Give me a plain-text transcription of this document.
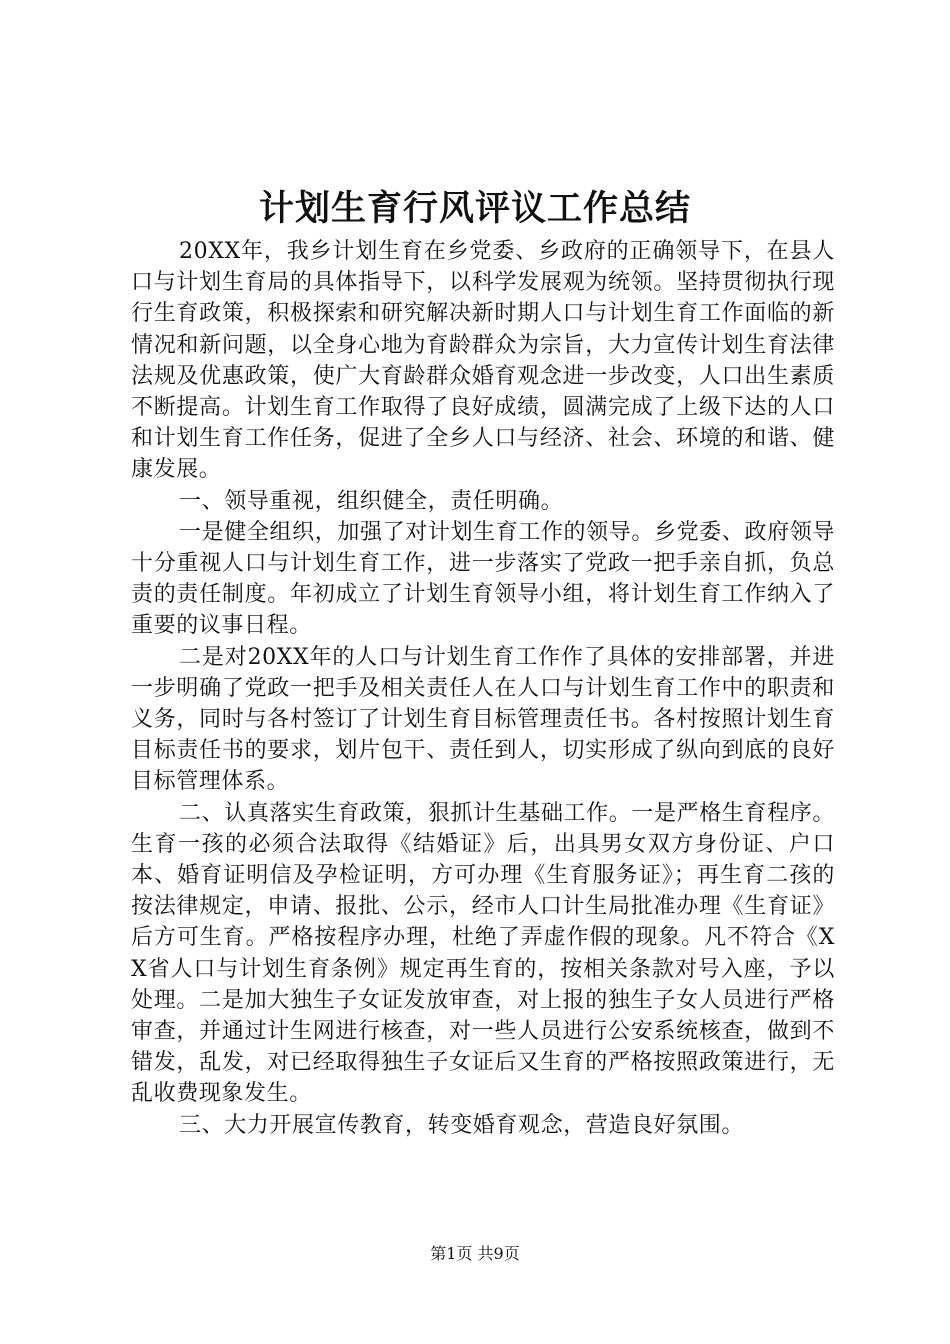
计划生育行风评议工作总结

20XX年，我乡计划生育在乡党委、乡政府的正确领导下，在县人口与计划生育局的具体指导下，以科学发展观为统领。坚持贯彻执行现行生育政策，积极探索和研究解决新时期人口与计划生育工作面临的新情况和新问题，以全身心地为育龄群众为宗旨，大力宣传计划生育法律法规及优惠政策，使广大育龄群众婚育观念进一步改变，人口出生素质不断提高。计划生育工作取得了良好成绩，圆满完成了上级下达的人口和计划生育工作任务，促进了全乡人口与经济、社会、环境的和谐、健康发展。

一、领导重视，组织健全，责任明确。

一是健全组织，加强了对计划生育工作的领导。乡党委、政府领导十分重视人口与计划生育工作，进一步落实了党政一把手亲自抓，负总责的责任制度。年初成立了计划生育领导小组，将计划生育工作纳入了重要的议事日程。

二是对20XX年的人口与计划生育工作作了具体的安排部署，并进一步明确了党政一把手及相关责任人在人口与计划生育工作中的职责和义务，同时与各村签订了计划生育目标管理责任书。各村按照计划生育目标责任书的要求，划片包干、责任到人，切实形成了纵向到底的良好目标管理体系。

二、认真落实生育政策，狠抓计生基础工作。一是严格生育程序。生育一孩的必须合法取得《结婚证》后，出具男女双方身份证、户口本、婚育证明信及孕检证明，方可办理《生育服务证》；再生育二孩的按法律规定，申请、报批、公示，经市人口计生局批准办理《生育证》后方可生育。严格按程序办理，杜绝了弄虚作假的现象。凡不符合《XX省人口与计划生育条例》规定再生育的，按相关条款对号入座，予以处理。二是加大独生子女证发放审查，对上报的独生子女人员进行严格审查，并通过计生网进行核查，对一些人员进行公安系统核查，做到不错发，乱发，对已经取得独生子女证后又生育的严格按照政策进行，无乱收费现象发生。

三、大力开展宣传教育，转变婚育观念，营造良好氛围。

第1页 共9页
